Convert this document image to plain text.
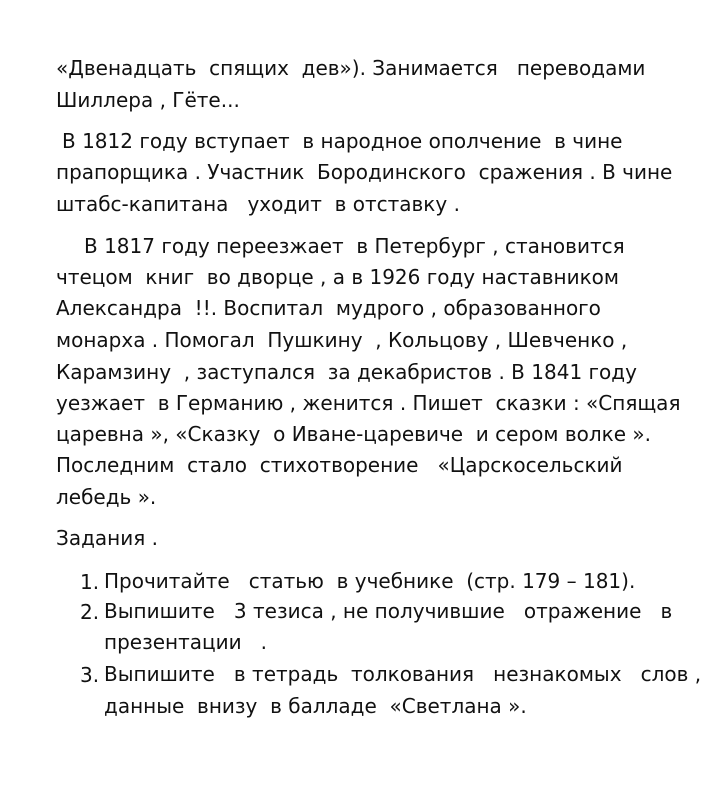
«Двенадцать  спящих  дев»). Занимается   переводами
Шиллера , Гёте...
В 1812 году вступает  в народное ополчение  в чине
прапорщика . Участник  Бородинского  сражения . В чине
штабс-капитана   уходит  в отставку .
В 1817 году переезжает  в Петербург , становится
чтецом  книг  во дворце , а в 1926 году наставником
Александра  !!. Воспитал  мудрого , образованного
монарха . Помогал  Пушкину  , Кольцову , Шевченко ,
Карамзину  , заступался  за декабристов . В 1841 году
уезжает  в Германию , женится . Пишет  сказки : «Спящая
царевна », «Сказку  о Иване-царевиче  и сером волке ».
Последним  стало  стихотворение   «Царскосельский
лебедь ».
Задания .
1. Прочитайте   статью  в учебнике  (стр. 179 – 181).
2. Выпишите   3 тезиса , не получившие   отражение   в
презентации   .
3. Выпишите   в тетрадь  толкования   незнакомых   слов ,
данные  внизу  в балладе  «Светлана ».
